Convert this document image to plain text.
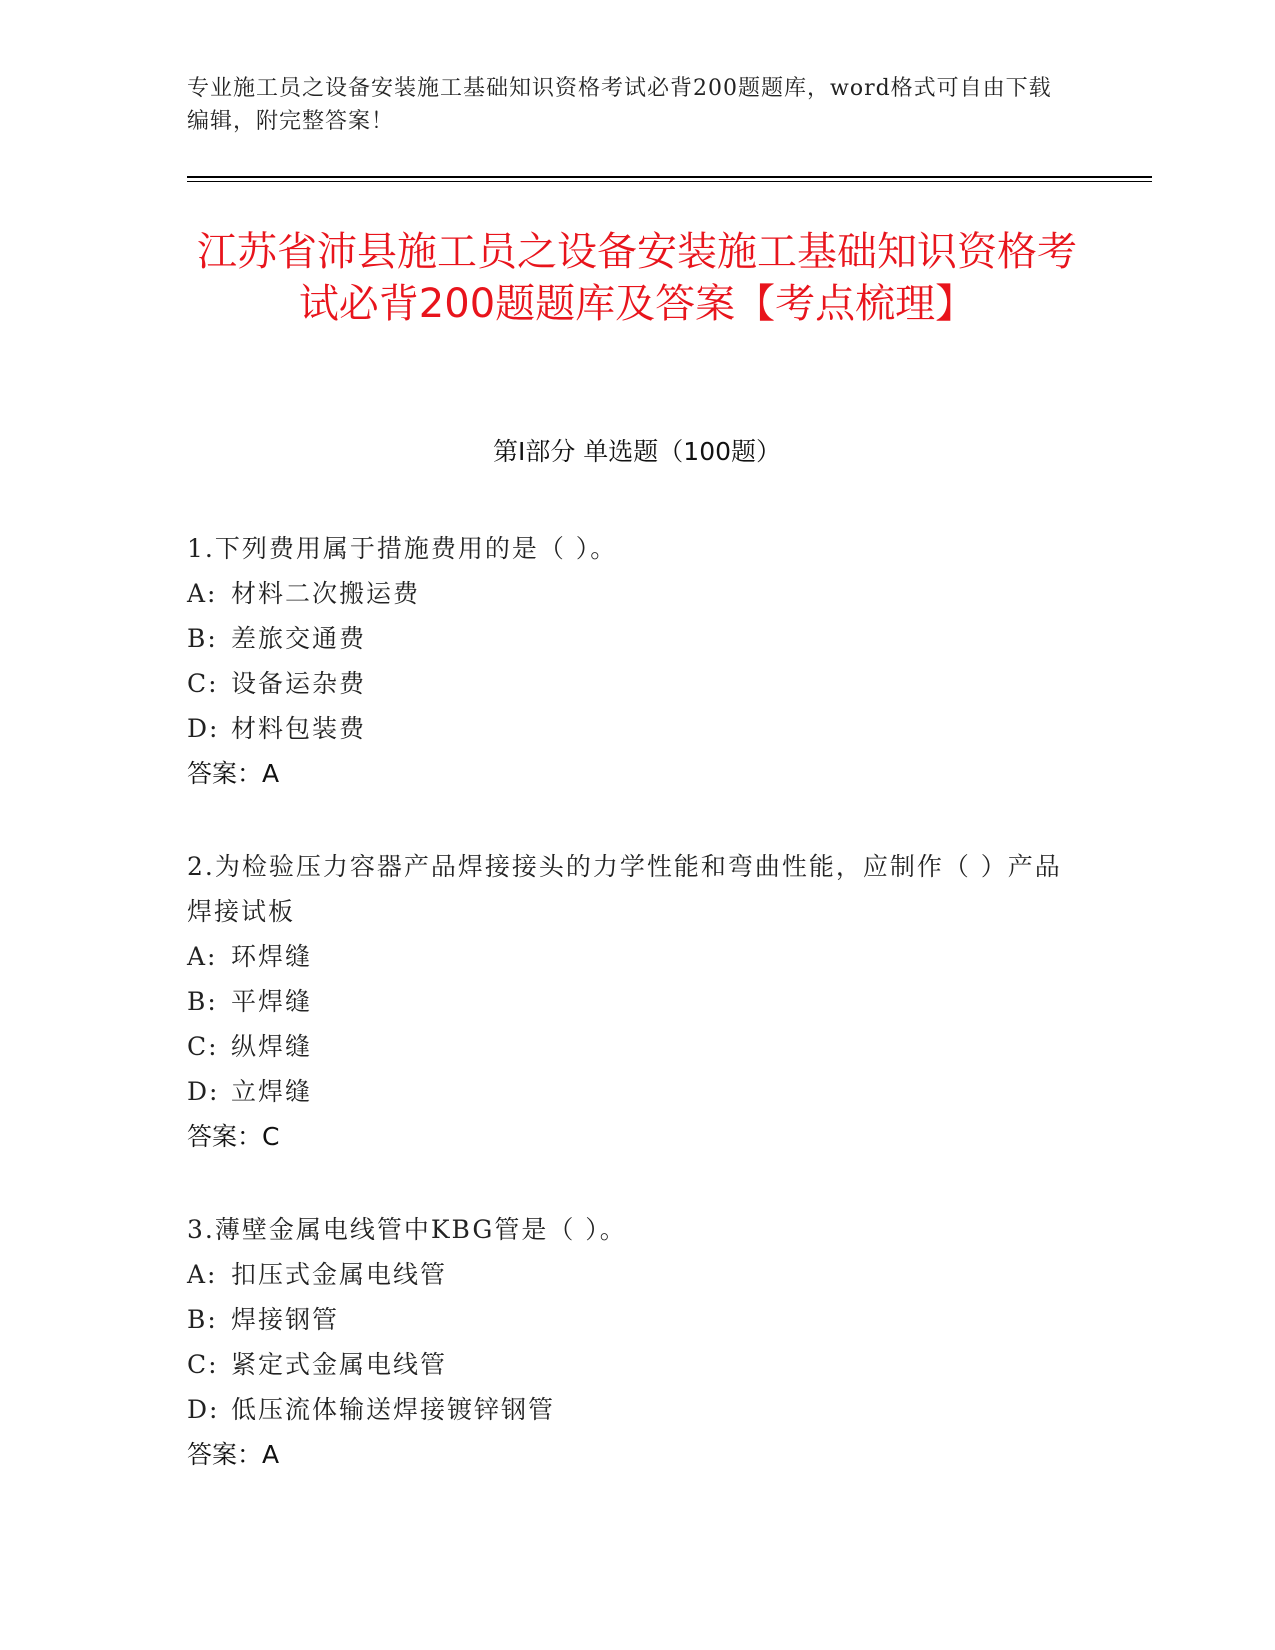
专业施工员之设备安装施工基础知识资格考试必背200题题库，word格式可自由下载编辑，附完整答案！
江苏省沛县施工员之设备安装施工基础知识资格考试必背200题题库及答案【考点梳理】
第I部分 单选题（100题）
1.下列费用属于措施费用的是（ ）。
A: 材料二次搬运费
B: 差旅交通费
C: 设备运杂费
D: 材料包装费
答案：A
2.为检验压力容器产品焊接接头的力学性能和弯曲性能，应制作（ ）产品焊接试板
A: 环焊缝
B: 平焊缝
C: 纵焊缝
D: 立焊缝
答案：C
3.薄壁金属电线管中KBG管是（ ）。
A: 扣压式金属电线管
B: 焊接钢管
C: 紧定式金属电线管
D: 低压流体输送焊接镀锌钢管
答案：A
